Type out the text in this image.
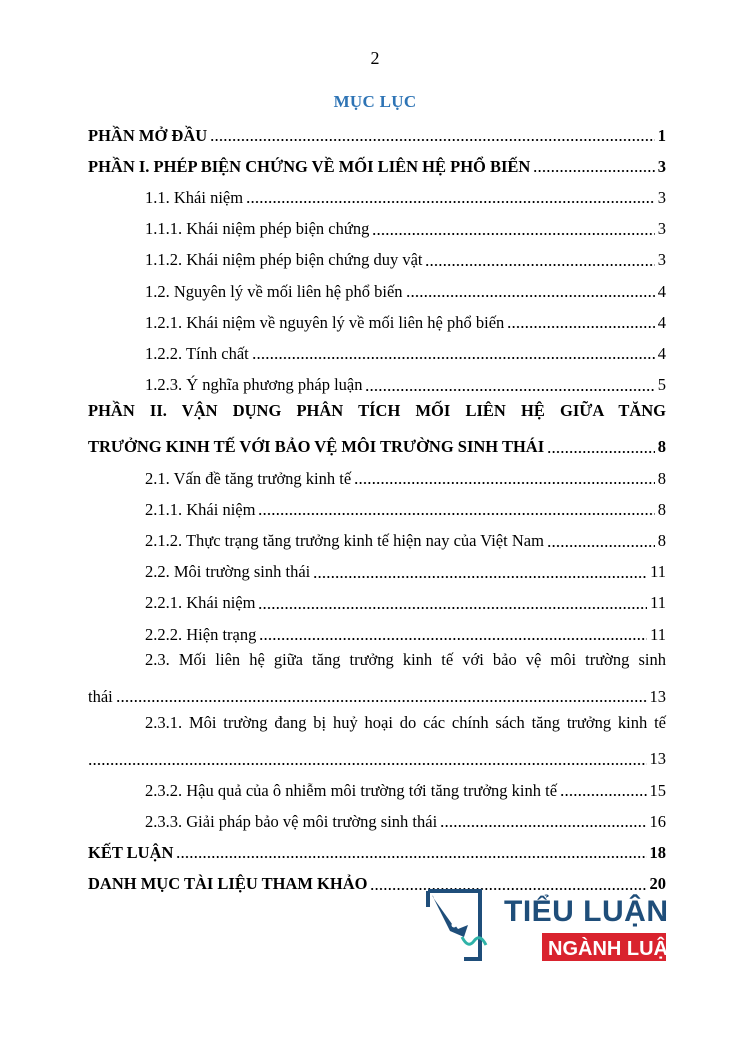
2
MỤC LỤC
PHẦN MỞ ĐẦU	1
PHẦN I. PHÉP BIỆN CHỨNG VỀ MỐI LIÊN HỆ PHỔ BIẾN	3
1.1. Khái niệm	3
1.1.1. Khái niệm phép biện chứng	3
1.1.2. Khái niệm phép biện chứng duy vật	3
1.2. Nguyên lý về mối liên hệ phổ biến	4
1.2.1. Khái niệm về nguyên lý về mối liên hệ phổ biến	4
1.2.2. Tính chất	4
1.2.3. Ý nghĩa phương pháp luận	5
PHẦN II. VẬN DỤNG PHÂN TÍCH MỐI LIÊN HỆ GIỮA TĂNG
TRƯỞNG KINH TẾ VỚI BẢO VỆ MÔI TRƯỜNG SINH THÁI	8
2.1. Vấn đề tăng trưởng kinh tế	8
2.1.1. Khái niệm	8
2.1.2. Thực trạng tăng trưởng kinh tế hiện nay của Việt Nam	8
2.2. Môi trường sinh thái	11
2.2.1. Khái niệm	11
2.2.2. Hiện trạng	11
2.3. Mối liên hệ giữa tăng trưởng kinh tế với bảo vệ môi trường sinh
thái	13
2.3.1. Môi trường đang bị huỷ hoại do các chính sách tăng trưởng kinh tế
13
2.3.2. Hậu quả của ô nhiễm môi trường tới tăng trưởng kinh tế	15
2.3.3. Giải pháp bảo vệ môi trường sinh thái	16
KẾT LUẬN	18
DANH MỤC TÀI LIỆU THAM KHẢO	20
TIỂU LUẬN
NGÀNH LUẬT
